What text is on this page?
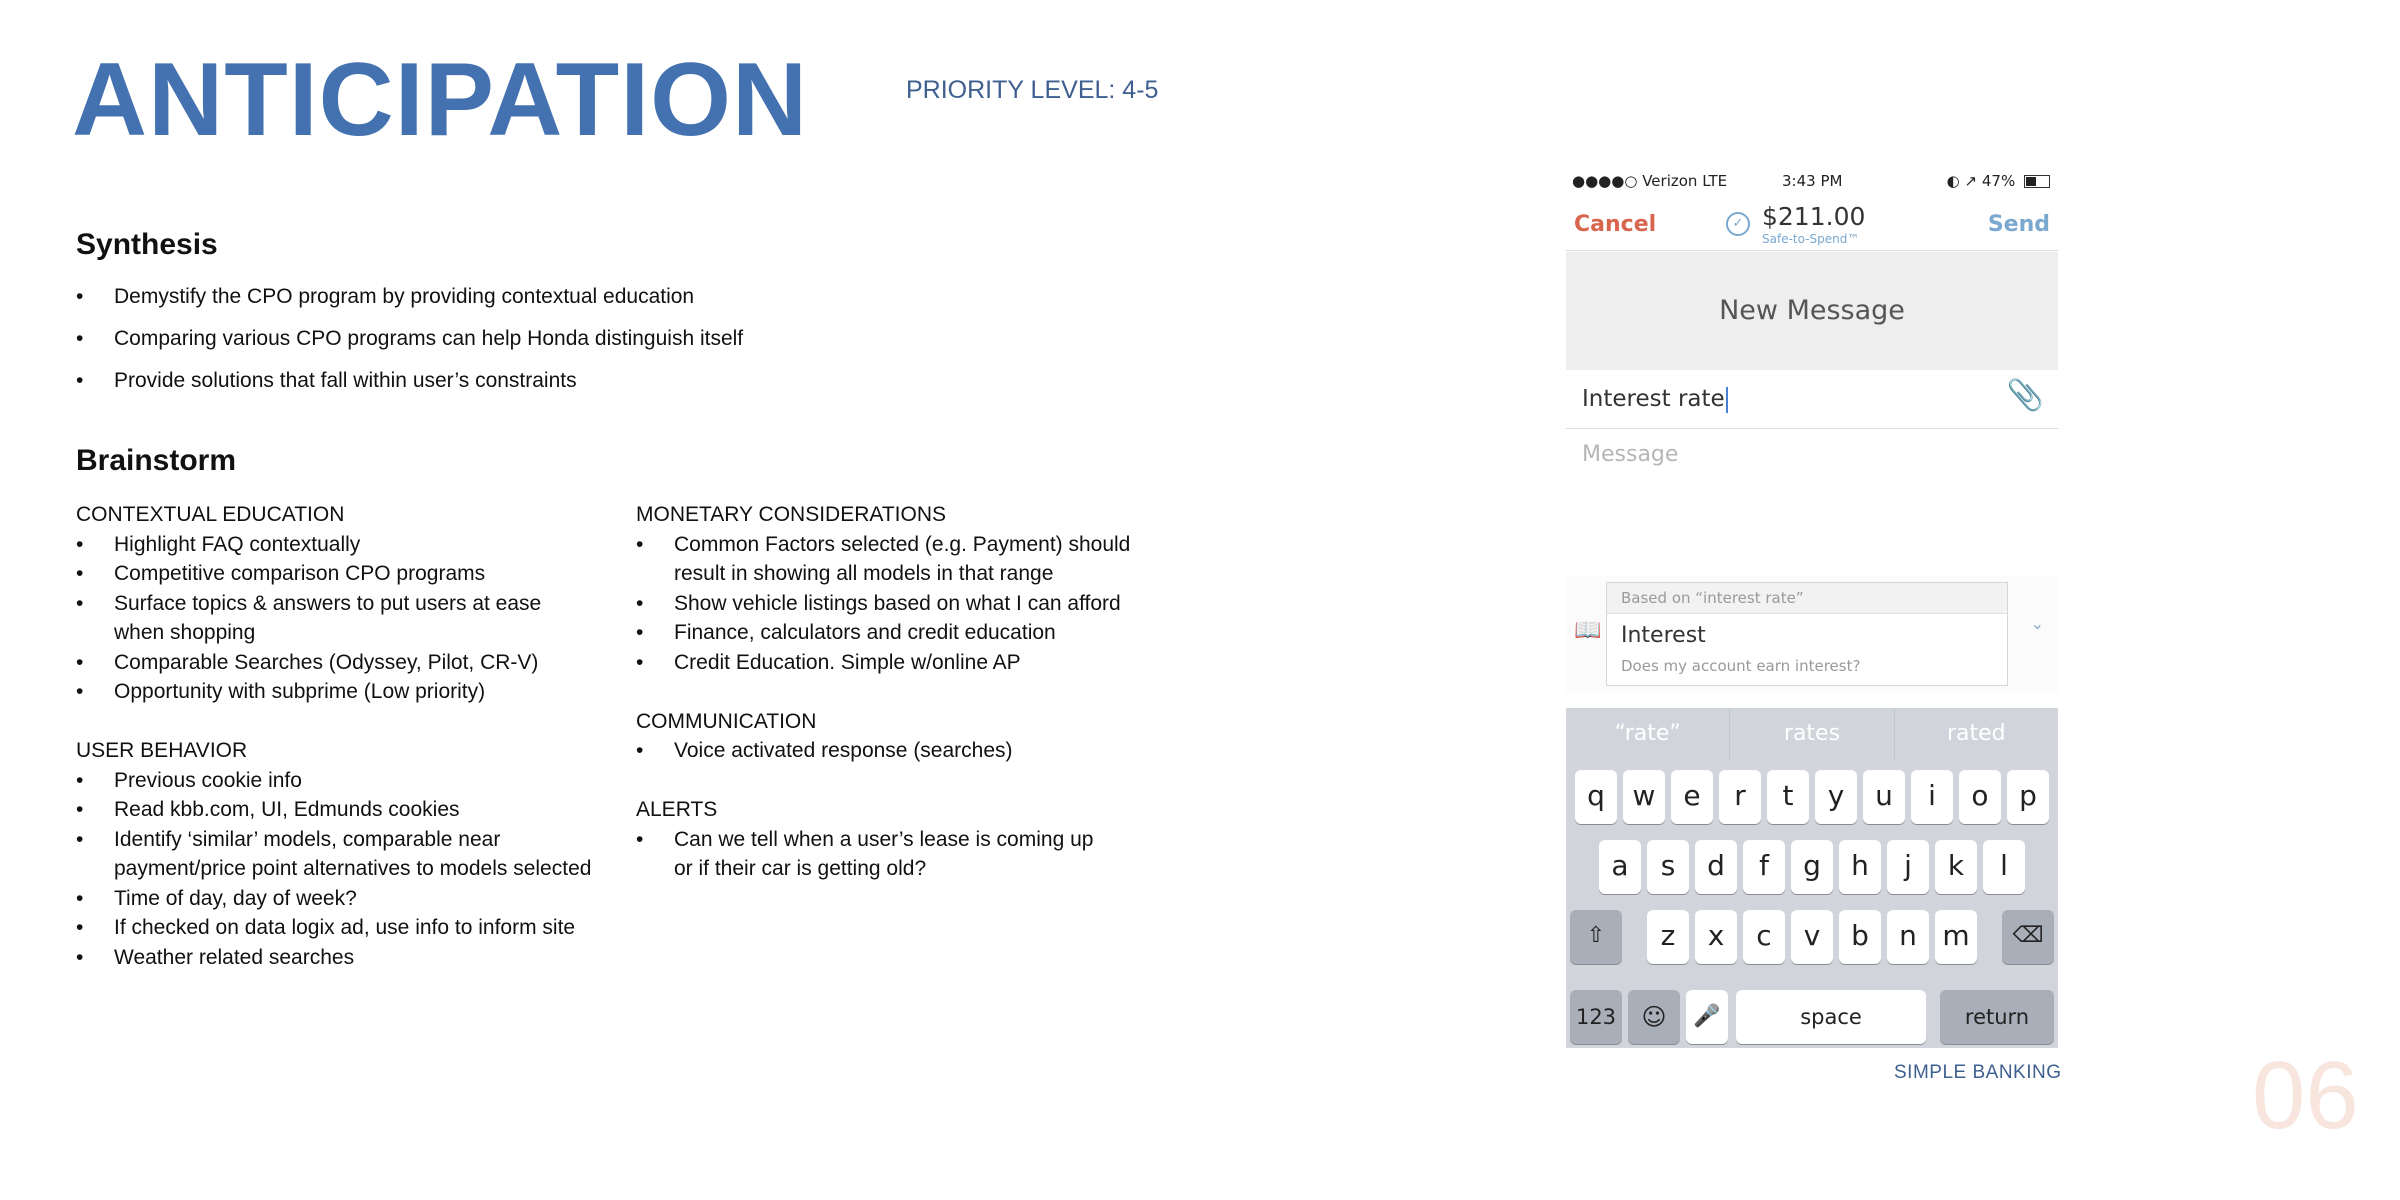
ANTICIPATION	PRIORITY LEVEL: 4-5
Synthesis
• Demystify the CPO program by providing contextual education
• Comparing various CPO programs can help Honda distinguish itself
• Provide solutions that fall within user’s constraints
Brainstorm

CONTEXTUAL EDUCATION

• Highlight FAQ contextually
• Competitive comparison CPO programs
• Surface topics & answers to put users at ease when shopping
• Comparable Searches (Odyssey, Pilot, CR-V)
• Opportunity with subprime (Low priority)

USER BEHAVIOR

• Previous cookie info
• Read kbb.com, UI, Edmunds cookies
• Identify ‘similar’ models, comparable near payment/price point alternatives to models selected
• Time of day, day of week?
• If checked on data logix ad, use info to inform site
• Weather related searches

MONETARY CONSIDERATIONS

• Common Factors selected (e.g. Payment) should result in showing all models in that range
• Show vehicle listings based on what I can afford
• Finance, calculators and credit education
• Credit Education. Simple w/online AP

COMMUNICATION

• Voice activated response (searches)

ALERTS

• Can we tell when a user’s lease is coming up or if their car is getting old?
●●●●○ Verizon LTE	3:43 PM	◐ ↗ 47%
Cancel	✓ $211.00
Safe-to-Spend™
Send
New Message
Interest rate	📎
Message
📖
Based on “interest rate”
Interest
Does my account earn interest?
⌄
“rate”	rates	rated
q w e	r	t	y	u	i	o	p
a	s	d	f	g	h	j	k	l
⇧	z	x	c	v	b	n m	⌫
123	☺	🎤	space	return
SIMPLE BANKING 06
